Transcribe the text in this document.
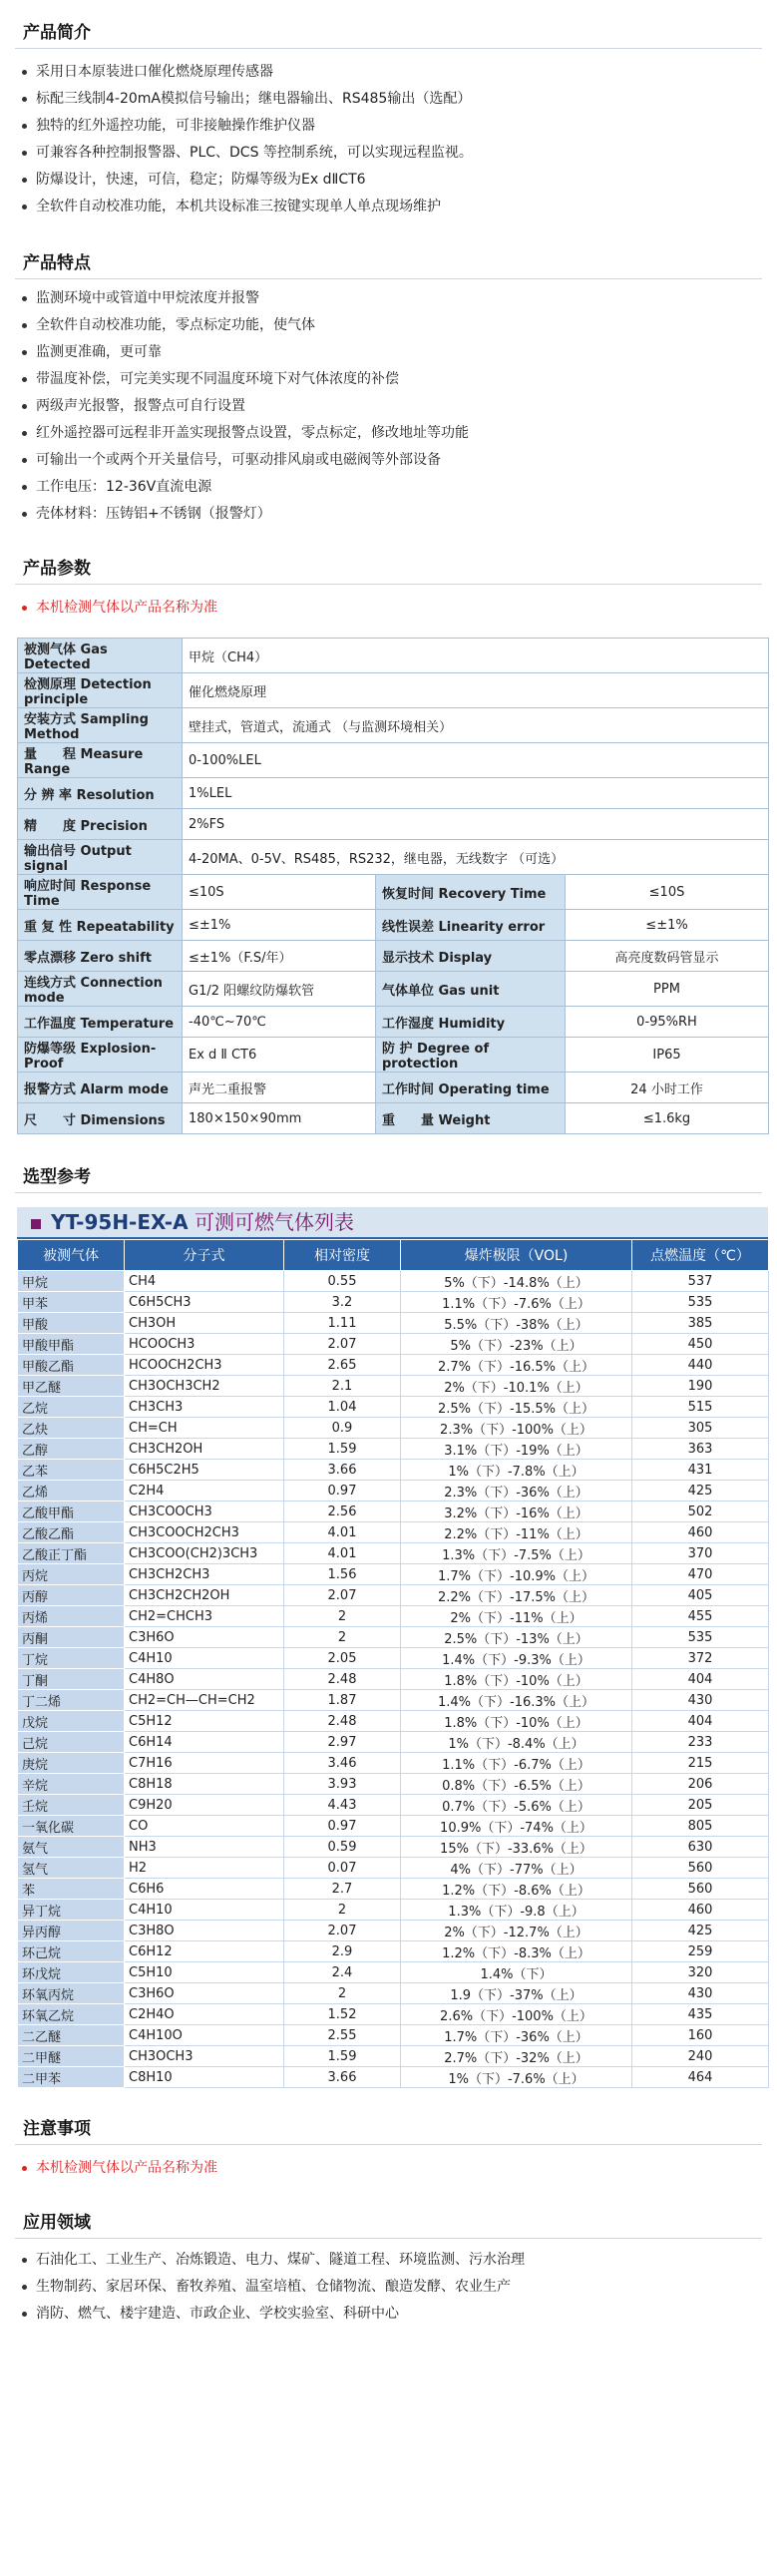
产品简介
采用日本原装进口催化燃烧原理传感器
标配三线制4-20mA模拟信号输出；继电器输出、RS485输出（选配）
独特的红外遥控功能，可非接触操作维护仪器
可兼容各种控制报警器、PLC、DCS 等控制系统，可以实现远程监视。
防爆设计，快速，可信，稳定；防爆等级为Ex dⅡCT6
全软件自动校准功能，本机共设标准三按键实现单人单点现场维护
产品特点
监测环境中或管道中甲烷浓度并报警
全软件自动校准功能，零点标定功能，使气体
监测更准确，更可靠
带温度补偿，可完美实现不同温度环境下对气体浓度的补偿
两级声光报警，报警点可自行设置
红外遥控器可远程非开盖实现报警点设置，零点标定，修改地址等功能
可输出一个或两个开关量信号，可驱动排风扇或电磁阀等外部设备
工作电压：12-36V直流电源
壳体材料：压铸铝+不锈钢（报警灯）
产品参数
本机检测气体以产品名称为准
被测气体 Gas Detected	甲烷（CH4）		
检测原理 Detection principle	催化燃烧原理		
安装方式 Sampling Method	壁挂式，管道式，流通式 （与监测环境相关）		
量　　程 Measure Range	0-100%LEL		
分 辨 率 Resolution	1%LEL		
精　　度 Precision	2%FS		
输出信号 Output signal	4-20MA、0-5V、RS485，RS232，继电器，无线数字 （可选）		
响应时间 Response Time	≤10S	恢复时间 Recovery Time	≤10S
重 复 性 Repeatability	≤±1%	线性误差 Linearity error	≤±1%
零点漂移 Zero shift	≤±1%（F.S/年）	显示技术 Display	高亮度数码管显示
连线方式 Connection mode	G1/2 阳螺纹防爆软管	气体单位 Gas unit	PPM
工作温度 Temperature	-40℃~70℃	工作湿度 Humidity	0-95%RH
防爆等级 Explosion-Proof	Ex d Ⅱ CT6	防 护 Degree of protection	IP65
报警方式 Alarm mode	声光二重报警	工作时间 Operating time	24 小时工作
尺　　寸 Dimensions	180×150×90mm	重　　量 Weight	≤1.6kg
选型参考
YT-95H-EX-A 可测可燃气体列表
被测气体	分子式	相对密度	爆炸极限（VOL)	点燃温度（℃）
甲烷	CH4	0.55	5%（下）-14.8%（上）	537
甲苯	C6H5CH3	3.2	1.1%（下）-7.6%（上）	535
甲酸	CH3OH	1.11	5.5%（下）-38%（上）	385
甲酸甲酯	HCOOCH3	2.07	5%（下）-23%（上）	450
甲酸乙酯	HCOOCH2CH3	2.65	2.7%（下）-16.5%（上）	440
甲乙醚	CH3OCH3CH2	2.1	2%（下）-10.1%（上）	190
乙烷	CH3CH3	1.04	2.5%（下）-15.5%（上）	515
乙炔	CH=CH	0.9	2.3%（下）-100%（上）	305
乙醇	CH3CH2OH	1.59	3.1%（下）-19%（上）	363
乙苯	C6H5C2H5	3.66	1%（下）-7.8%（上）	431
乙烯	C2H4	0.97	2.3%（下）-36%（上）	425
乙酸甲酯	CH3COOCH3	2.56	3.2%（下）-16%（上）	502
乙酸乙酯	CH3COOCH2CH3	4.01	2.2%（下）-11%（上）	460
乙酸正丁酯	CH3COO(CH2)3CH3	4.01	1.3%（下）-7.5%（上）	370
丙烷	CH3CH2CH3	1.56	1.7%（下）-10.9%（上）	470
丙醇	CH3CH2CH2OH	2.07	2.2%（下）-17.5%（上）	405
丙烯	CH2=CHCH3	2	2%（下）-11%（上）	455
丙酮	C3H6O	2	2.5%（下）-13%（上）	535
丁烷	C4H10	2.05	1.4%（下）-9.3%（上）	372
丁酮	C4H8O	2.48	1.8%（下）-10%（上）	404
丁二烯	CH2=CH—CH=CH2	1.87	1.4%（下）-16.3%（上）	430
戊烷	C5H12	2.48	1.8%（下）-10%（上）	404
己烷	C6H14	2.97	1%（下）-8.4%（上）	233
庚烷	C7H16	3.46	1.1%（下）-6.7%（上）	215
辛烷	C8H18	3.93	0.8%（下）-6.5%（上）	206
壬烷	C9H20	4.43	0.7%（下）-5.6%（上）	205
一氧化碳	CO	0.97	10.9%（下）-74%（上）	805
氨气	NH3	0.59	15%（下）-33.6%（上）	630
氢气	H2	0.07	4%（下）-77%（上）	560
苯	C6H6	2.7	1.2%（下）-8.6%（上）	560
异丁烷	C4H10	2	1.3%（下）-9.8（上）	460
异丙醇	C3H8O	2.07	2%（下）-12.7%（上）	425
环己烷	C6H12	2.9	1.2%（下）-8.3%（上）	259
环戊烷	C5H10	2.4	1.4%（下）	320
环氧丙烷	C3H6O	2	1.9（下）-37%（上）	430
环氧乙烷	C2H4O	1.52	2.6%（下）-100%（上）	435
二乙醚	C4H10O	2.55	1.7%（下）-36%（上）	160
二甲醚	CH3OCH3	1.59	2.7%（下）-32%（上）	240
二甲苯	C8H10	3.66	1%（下）-7.6%（上）	464
注意事项
本机检测气体以产品名称为准
应用领域
石油化工、工业生产、冶炼锻造、电力、煤矿、隧道工程、环境监测、污水治理
生物制药、家居环保、畜牧养殖、温室培植、仓储物流、酿造发酵、农业生产
消防、燃气、楼宇建造、市政企业、学校实验室、科研中心
